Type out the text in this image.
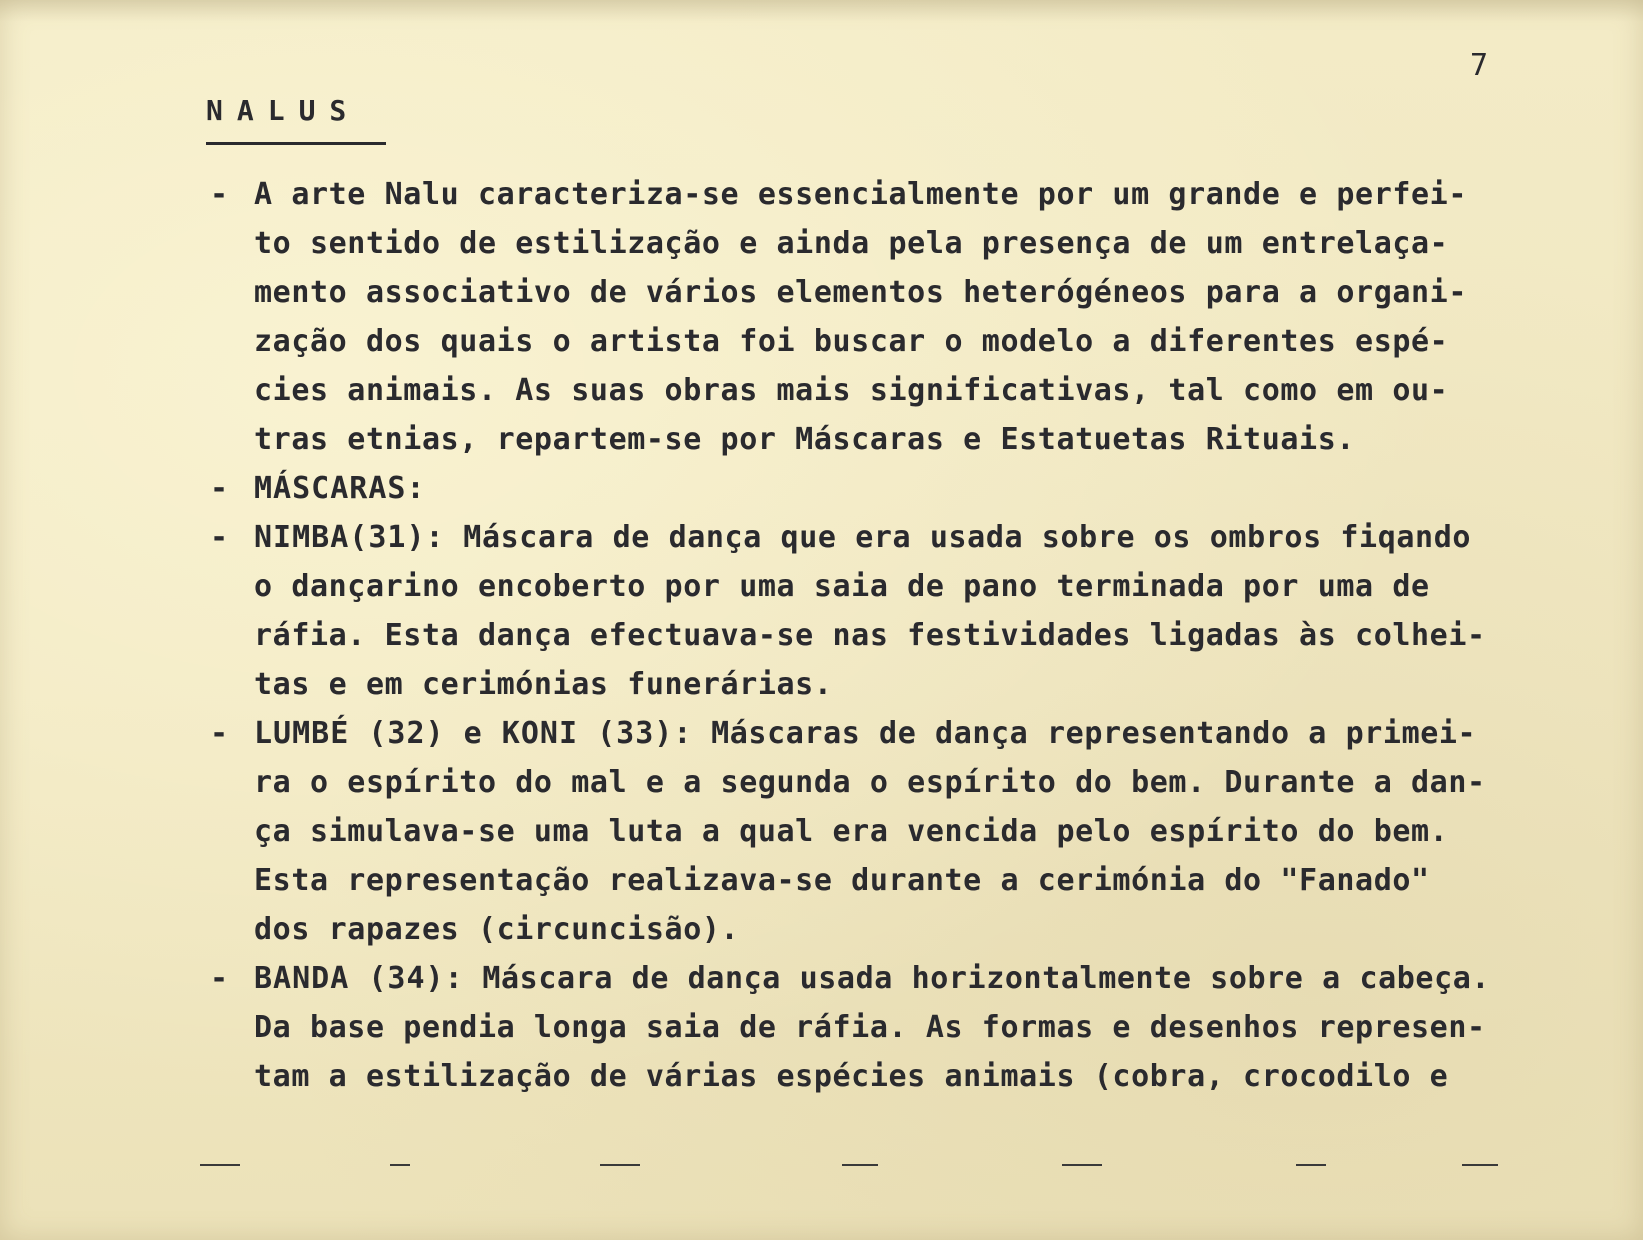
7
NALUS

- A arte Nalu caracteriza-se essencialmente por um grande e perfei-
to sentido de estilização e ainda pela presença de um entrelaça-
mento associativo de vários elementos heterógéneos para a organi-
zação dos quais o artista foi buscar o modelo a diferentes espé-
cies animais. As suas obras mais significativas, tal como em ou-
tras etnias, repartem-se por Máscaras e Estatuetas Rituais.

- MÁSCARAS:

- NIMBA(31): Máscara de dança que era usada sobre os ombros fiqando
o dançarino encoberto por uma saia de pano terminada por uma de
ráfia. Esta dança efectuava-se nas festividades ligadas às colhei-
tas e em cerimónias funerárias.

- LUMBÉ (32) e KONI (33): Máscaras de dança representando a primei-
ra o espírito do mal e a segunda o espírito do bem. Durante a dan-
ça simulava-se uma luta a qual era vencida pelo espírito do bem.
Esta representação realizava-se durante a cerimónia do "Fanado"
dos rapazes (circuncisão).

- BANDA (34): Máscara de dança usada horizontalmente sobre a cabeça.
Da base pendia longa saia de ráfia. As formas e desenhos represen-
tam a estilização de várias espécies animais (cobra, crocodilo e
